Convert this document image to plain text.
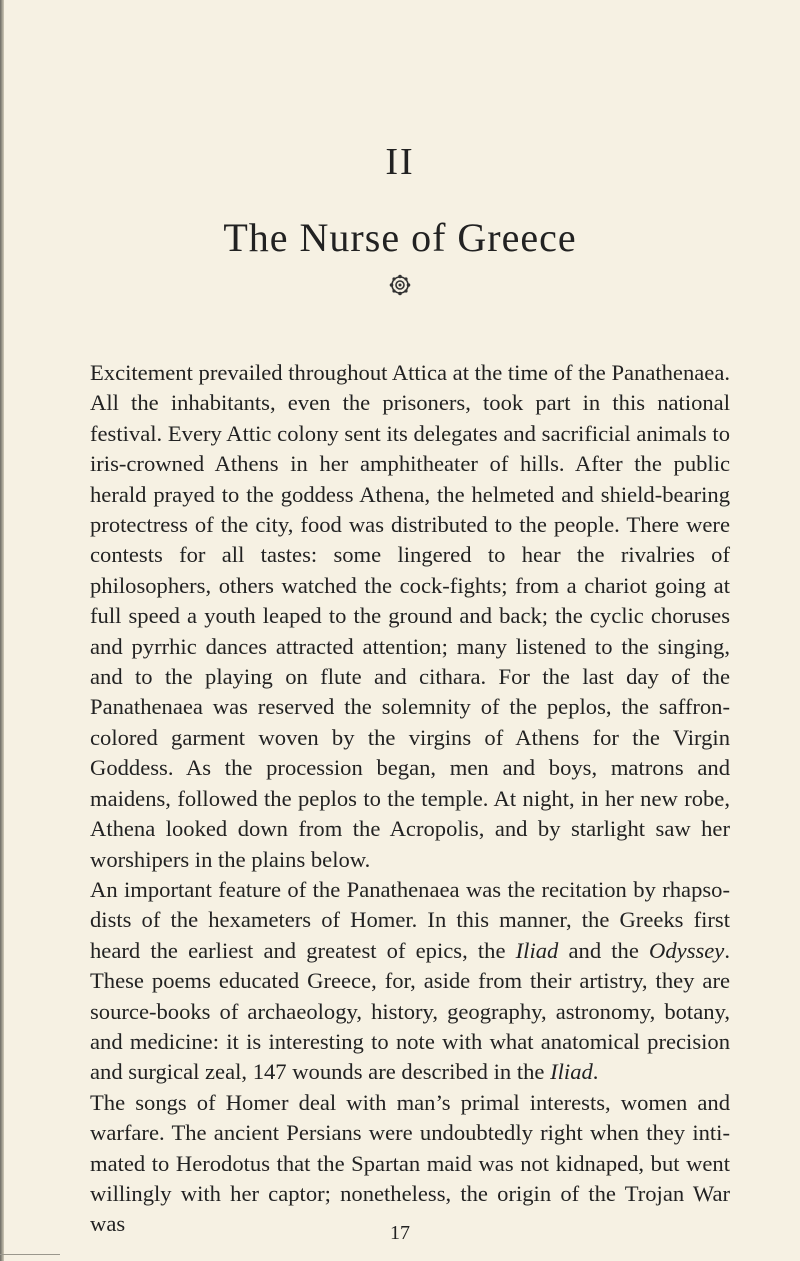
II
The Nurse of Greece

Excitement prevailed throughout Attica at the time of the Panathenaea. All the inhabitants, even the prisoners, took part in this national festival. Every Attic colony sent its delegates and sacrificial animals to iris-crowned Athens in her amphitheater of hills. After the public herald prayed to the goddess Athena, the helmeted and shield-bearing protectress of the city, food was distributed to the people. There were contests for all tastes: some lingered to hear the rivalries of philosophers, others watched the cock-fights; from a chariot going at full speed a youth leaped to the ground and back; the cyclic choruses and pyrrhic dances attracted attention; many listened to the singing, and to the playing on flute and cithara. For the last day of the Panathenaea was reserved the solemnity of the peplos, the saffron-colored garment woven by the virgins of Athens for the Virgin Goddess. As the procession began, men and boys, matrons and maidens, followed the peplos to the temple. At night, in her new robe, Athena looked down from the Acropolis, and by starlight saw her worshipers in the plains below.

An important feature of the Panathenaea was the recitation by rhapsodists of the hexameters of Homer. In this manner, the Greeks first heard the earliest and greatest of epics, the Iliad and the Odyssey. These poems educated Greece, for, aside from their artistry, they are source-books of archaeology, history, geography, astronomy, botany, and medicine: it is interesting to note with what anatomical precision and surgical zeal, 147 wounds are described in the Iliad.

The songs of Homer deal with man’s primal interests, women and warfare. The ancient Persians were undoubtedly right when they intimated to Herodotus that the Spartan maid was not kidnaped, but went willingly with her captor; nonetheless, the origin of the Trojan War was	17
